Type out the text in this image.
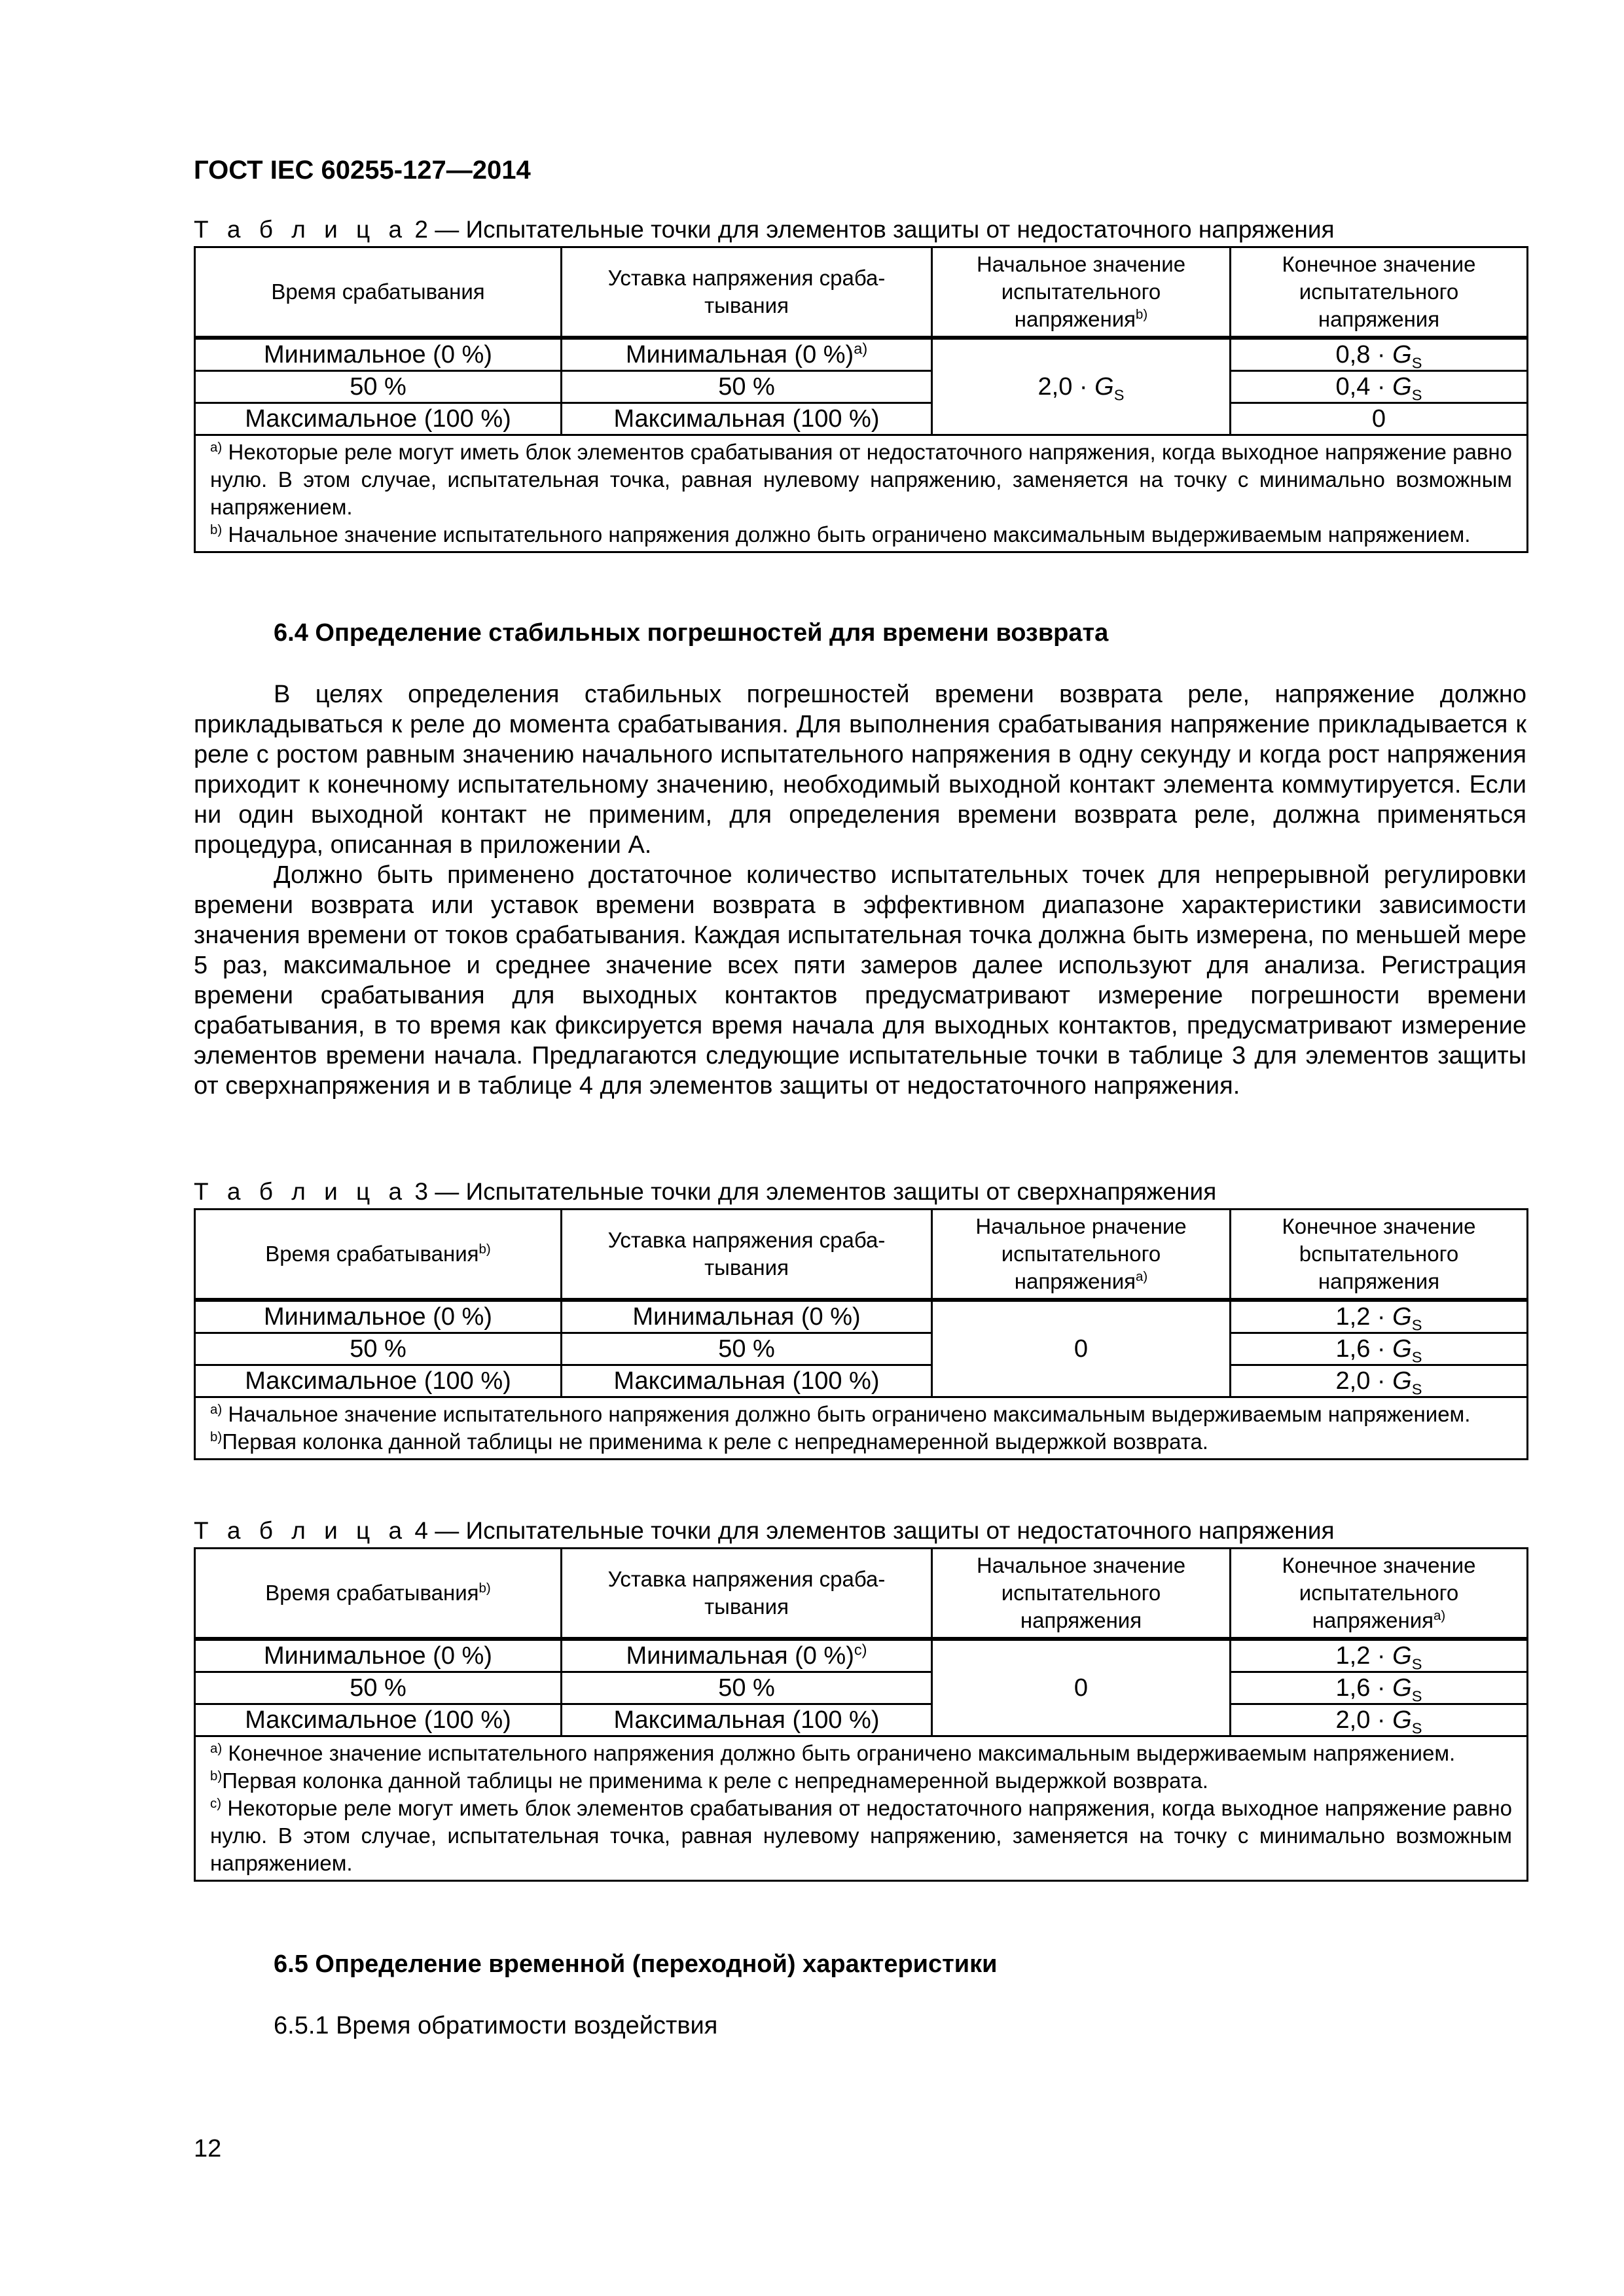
ГОСТ IEC 60255-127—2014
Т а б л и ц а 2 — Испытательные точки для элементов защиты от недостаточного напряжения
Время срабатывания	Уставка напряжения сраба-тывания	Начальное значение испытательного напряжения$^{b)}$	Конечное значение испытательного напряжения
Минимальное (0 %)	Минимальная (0 %)$^{а)}$	$2,0 \cdot G_S$	$0,8 \cdot G_S$
50 %	50 %		$0,4 \cdot G_S$
Максимальное (100 %)	Максимальная (100 %)		0

$^{а)}$ Некоторые реле могут иметь блок элементов срабатывания от недостаточного напряжения, когда выходное напряжение равно нулю. В этом случае, испытательная точка, равная нулевому напряжению, заменяется на точку с минимально возможным напряжением.
$^{b)}$ Начальное значение испытательного напряжения должно быть ограничено максимальным выдерживаемым напряжением.			
6.4 Определение стабильных погрешностей для времени возврата

В целях определения стабильных погрешностей времени возврата реле, напряжение должно прикладываться к реле до момента срабатывания. Для выполнения срабатывания напряжение прикладывается к реле с ростом равным значению начального испытательного напряжения в одну секунду и когда рост напряжения приходит к конечному испытательному значению, необходимый выходной контакт элемента коммутируется. Если ни один выходной контакт не применим, для определения времени возврата реле, должна применяться процедура, описанная в приложении А.

Должно быть применено достаточное количество испытательных точек для непрерывной регулировки времени возврата или уставок времени возврата в эффективном диапазоне характеристики зависимости значения времени от токов срабатывания. Каждая испытательная точка должна быть измерена, по меньшей мере 5 раз, максимальное и среднее значение всех пяти замеров далее используют для анализа. Регистрация времени срабатывания для выходных контактов предусматривают измерение погрешности времени срабатывания, в то время как фиксируется время начала для выходных контактов, предусматривают измерение элементов времени начала. Предлагаются следующие испытательные точки в таблице 3 для элементов защиты от сверхнапряжения и в таблице 4 для элементов защиты от недостаточного напряжения.

Т а б л и ц а 3 — Испытательные точки для элементов защиты от сверхнапряжения
Время срабатывания$^{b)}$	Уставка напряжения сраба-тывания	Начальное рначение испытательного напряжения$^{а)}$	Конечное значение bспытательного напряжения
Минимальное (0 %)	Минимальная (0 %)	0	$1,2 \cdot G_S$
50 %	50 %		$1,6 \cdot G_S$
Максимальное (100 %)	Максимальная (100 %)		$2,0 \cdot G_S$

$^{а)}$ Начальное значение испытательного напряжения должно быть ограничено максимальным выдерживаемым напряжением.
$^{b)}$Первая колонка данной таблицы не применима к реле с непреднамеренной выдержкой возврата.			
Т а б л и ц а 4 — Испытательные точки для элементов защиты от недостаточного напряжения
Время срабатывания$^{b)}$	Уставка напряжения сраба-тывания	Начальное значение испытательного напряжения	Конечное значение испытательного напряжения$^{а)}$
Минимальное (0 %)	Минимальная (0 %)$^{с)}$	0	$1,2 \cdot G_S$
50 %	50 %		$1,6 \cdot G_S$
Максимальное (100 %)	Максимальная (100 %)		$2,0 \cdot G_S$

$^{а)}$ Конечное значение испытательного напряжения должно быть ограничено максимальным выдерживаемым напряжением.
$^{b)}$Первая колонка данной таблицы не применима к реле с непреднамеренной выдержкой возврата.
$^{с)}$ Некоторые реле могут иметь блок элементов срабатывания от недостаточного напряжения, когда выходное напряжение равно нулю. В этом случае, испытательная точка, равная нулевому напряжению, заменяется на точку с минимально возможным напряжением.			
6.5 Определение временной (переходной) характеристики
6.5.1 Время обратимости воздействия
12
